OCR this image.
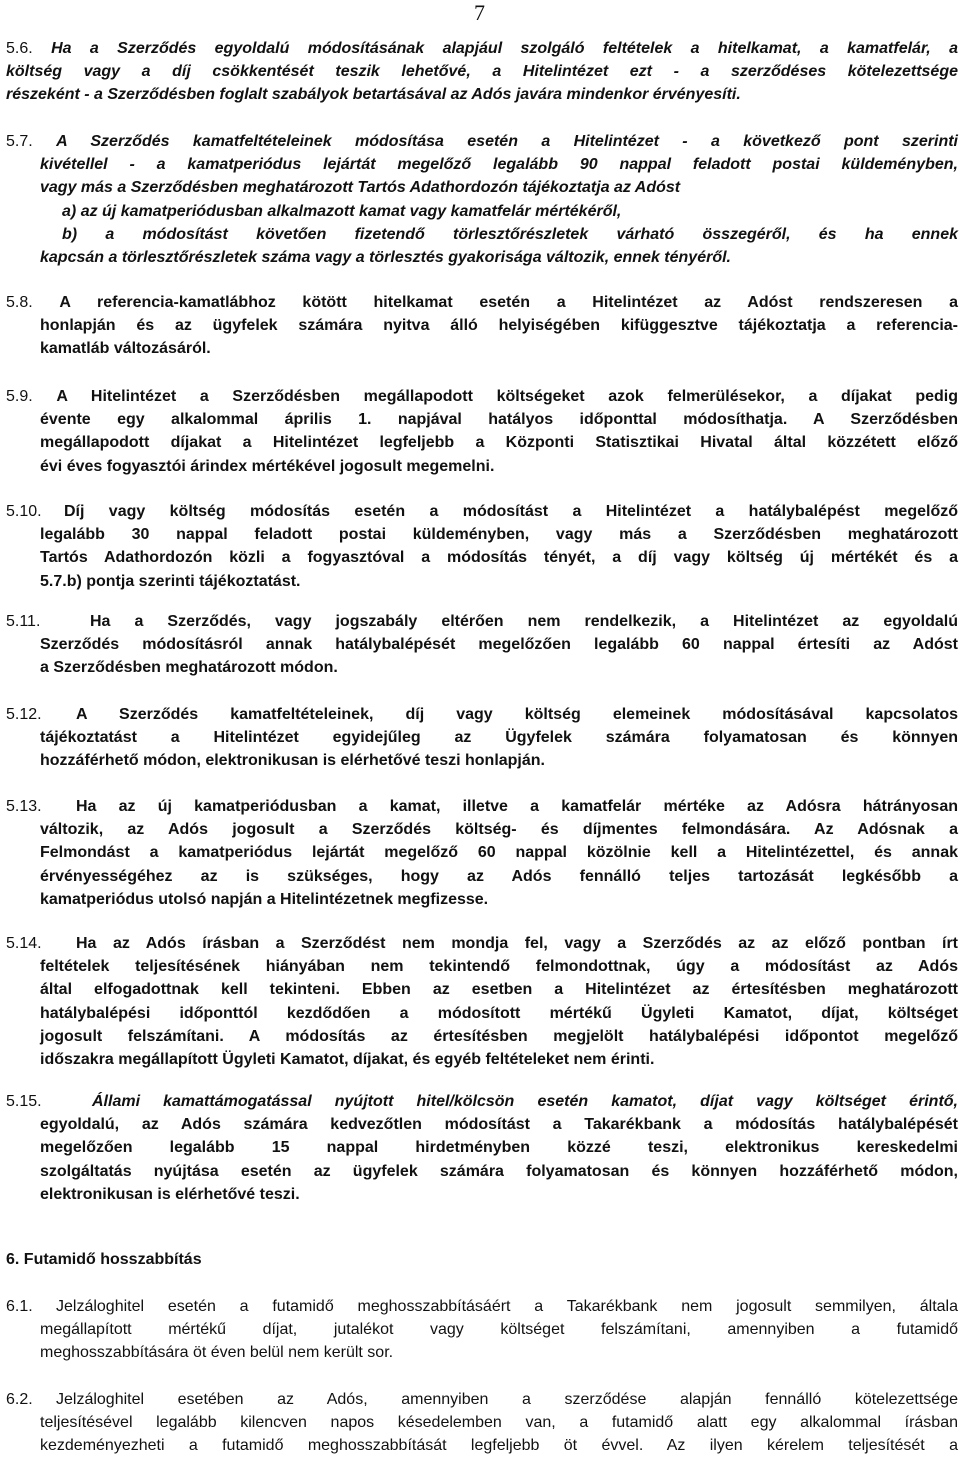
7
5.6. Ha a Szerződés egyoldalú módosításának alapjául szolgáló feltételek a hitelkamat, a kamatfelár, a
költség vagy a díj csökkentését teszik lehetővé, a Hitelintézet ezt - a szerződéses kötelezettsége
részeként - a Szerződésben foglalt szabályok betartásával az Adós javára mindenkor érvényesíti.
5.7. A Szerződés kamatfeltételeinek módosítása esetén a Hitelintézet - a következő pont szerinti
kivétellel - a kamatperiódus lejártát megelőző legalább 90 nappal feladott postai küldeményben,
vagy más a Szerződésben meghatározott Tartós Adathordozón tájékoztatja az Adóst
a) az új kamatperiódusban alkalmazott kamat vagy kamatfelár mértékéről,
b) a módosítást követően fizetendő törlesztőrészletek várható összegéről, és ha ennek
kapcsán a törlesztőrészletek száma vagy a törlesztés gyakorisága változik, ennek tényéről.
5.8. A referencia-kamatlábhoz kötött hitelkamat esetén a Hitelintézet az Adóst rendszeresen a
honlapján és az ügyfelek számára nyitva álló helyiségében kifüggesztve tájékoztatja a referencia-
kamatláb változásáról.
5.9. A Hitelintézet a Szerződésben megállapodott költségeket azok felmerülésekor, a díjakat pedig
évente egy alkalommal április 1. napjával hatályos időponttal módosíthatja. A Szerződésben
megállapodott díjakat a Hitelintézet legfeljebb a Központi Statisztikai Hivatal által közzétett előző
évi éves fogyasztói árindex mértékével jogosult megemelni.
5.10.	Díj vagy költség módosítás esetén a módosítást a Hitelintézet a hatálybalépést megelőző
legalább 30 nappal feladott postai küldeményben, vagy más a Szerződésben meghatározott
Tartós Adathordozón közli a fogyasztóval a módosítás tényét, a díj vagy költség új mértékét és a
5.7.b) pontja szerinti tájékoztatást.
5.11.	Ha a Szerződés, vagy jogszabály eltérően nem rendelkezik, a Hitelintézet az egyoldalú
Szerződés módosításról annak hatálybalépését megelőzően legalább 60 nappal értesíti az Adóst
a Szerződésben meghatározott módon.
5.12.	A Szerződés kamatfeltételeinek, díj vagy költség elemeinek módosításával kapcsolatos
tájékoztatást a Hitelintézet egyidejűleg az Ügyfelek számára folyamatosan és könnyen
hozzáférhető módon, elektronikusan is elérhetővé teszi honlapján.
5.13.	Ha az új kamatperiódusban a kamat, illetve a kamatfelár mértéke az Adósra hátrányosan
változik, az Adós jogosult a Szerződés költség- és díjmentes felmondására. Az Adósnak a
Felmondást a kamatperiódus lejártát megelőző 60 nappal közölnie kell a Hitelintézettel, és annak
érvényességéhez az is szükséges, hogy az Adós fennálló teljes tartozását legkésőbb a
kamatperiódus utolsó napján a Hitelintézetnek megfizesse.
5.14.	Ha az Adós írásban a Szerződést nem mondja fel, vagy a Szerződés az az előző pontban írt
feltételek teljesítésének hiányában nem tekintendő felmondottnak, úgy a módosítást az Adós
által elfogadottnak kell tekinteni. Ebben az esetben a Hitelintézet az értesítésben meghatározott
hatálybalépési időponttól kezdődően a módosított mértékű Ügyleti Kamatot, díjat, költséget
jogosult felszámítani. A módosítás az értesítésben megjelölt hatálybalépési időpontot megelőző
időszakra megállapított Ügyleti Kamatot, díjakat, és egyéb feltételeket nem érinti.
5.15.	Állami kamattámogatással nyújtott hitel/kölcsön esetén kamatot, díjat vagy költséget érintő,
egyoldalú, az Adós számára kedvezőtlen módosítást a Takarékbank a módosítás hatálybalépését
megelőzően legalább 15 nappal hirdetményben közzé teszi, elektronikus kereskedelmi
szolgáltatás nyújtása esetén az ügyfelek számára folyamatosan és könnyen hozzáférhető módon,
elektronikusan is elérhetővé teszi.
6. Futamidő hosszabbítás
6.1.	Jelzáloghitel esetén a futamidő meghosszabbításáért a Takarékbank nem jogosult semmilyen, általa
megállapított mértékű díjat, jutalékot vagy költséget felszámítani, amennyiben a futamidő
meghosszabbítására öt éven belül nem került sor.
6.2.	Jelzáloghitel esetében az Adós, amennyiben a szerződése alapján fennálló kötelezettsége
teljesítésével legalább kilencven napos késedelemben van, a futamidő alatt egy alkalommal írásban
kezdeményezheti a futamidő meghosszabbítását legfeljebb öt évvel. Az ilyen kérelem teljesítését a
